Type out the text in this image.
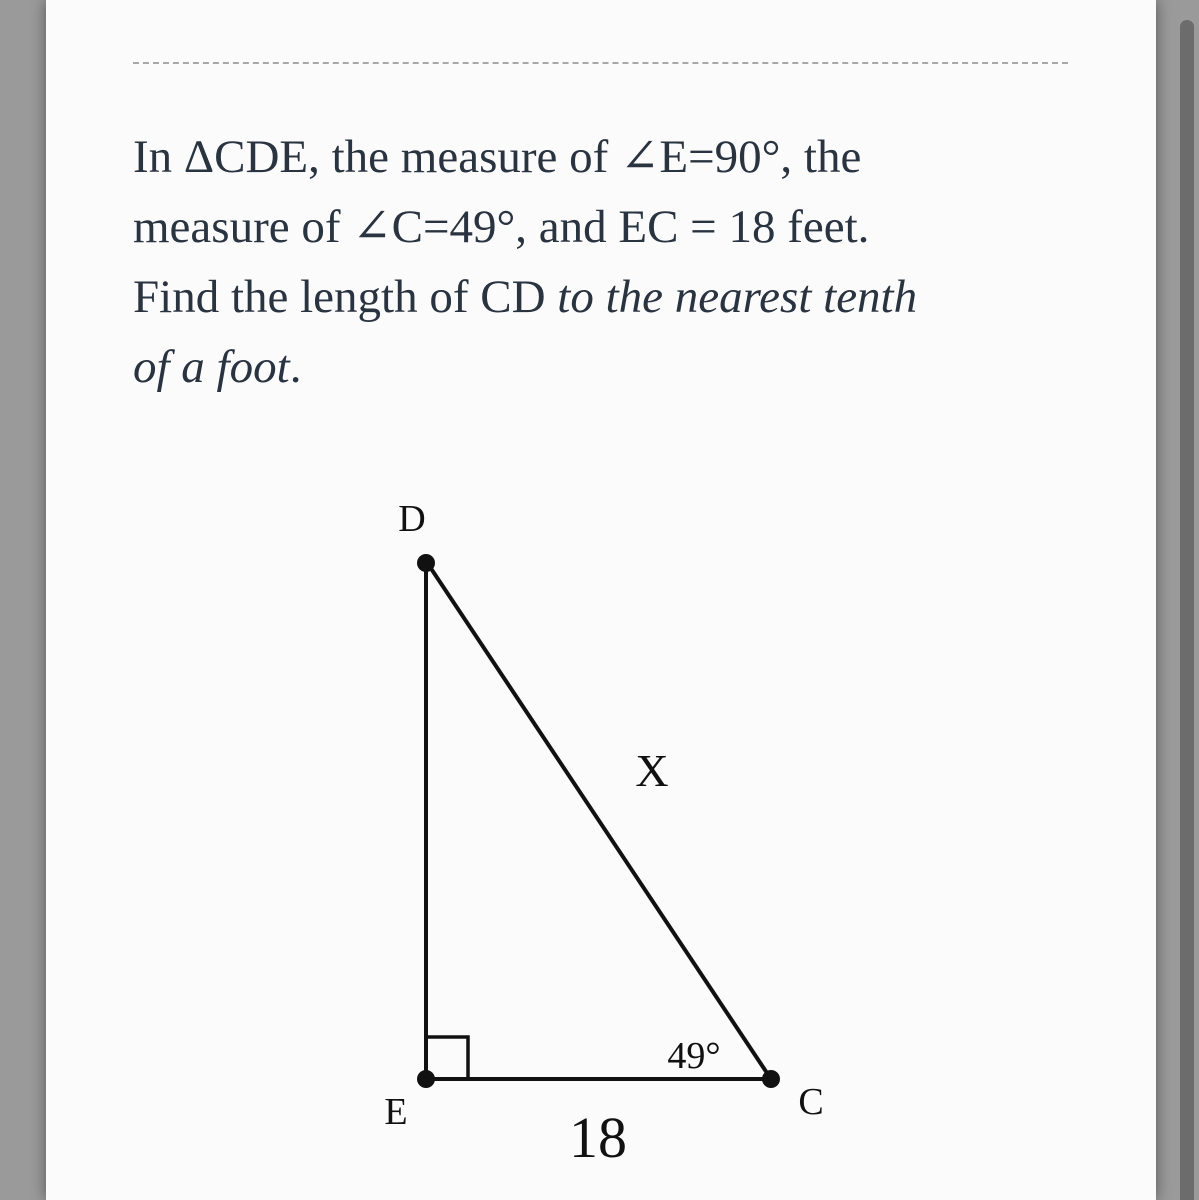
In ΔCDE, the measure of ∠E=90°, the
measure of ∠C=49°, and EC = 18 feet.
Find the length of CD to the nearest tenth
of a foot.
D
E	C
X
49°
18
